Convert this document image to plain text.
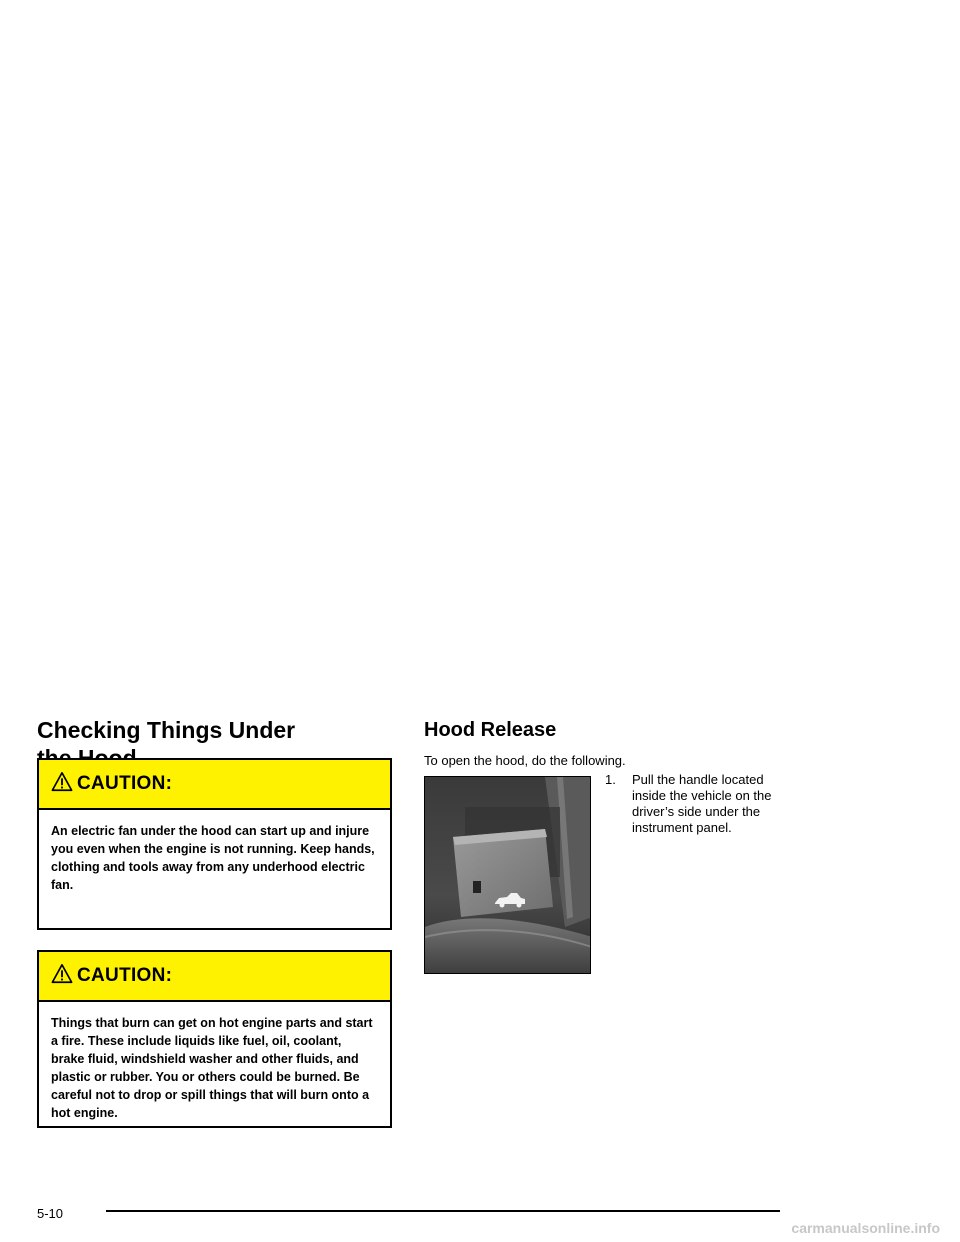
Checking Things Under

CAUTION:
An electric fan under the hood can start up and injure you even when the engine is not running. Keep hands, clothing and tools away from any underhood electric fan.
CAUTION:
Things that burn can get on hot engine parts and start a fire. These include liquids like fuel, oil, coolant, brake fluid, windshield washer and other fluids, and plastic or rubber. You or others could be burned. Be careful not to drop or spill things that will burn onto a hot engine.
Hood Release

To open the hood, do the following.

1.	Pull the handle located inside the vehicle on the driver’s side under the instrument panel.
5-10
carmanualsonline.info
